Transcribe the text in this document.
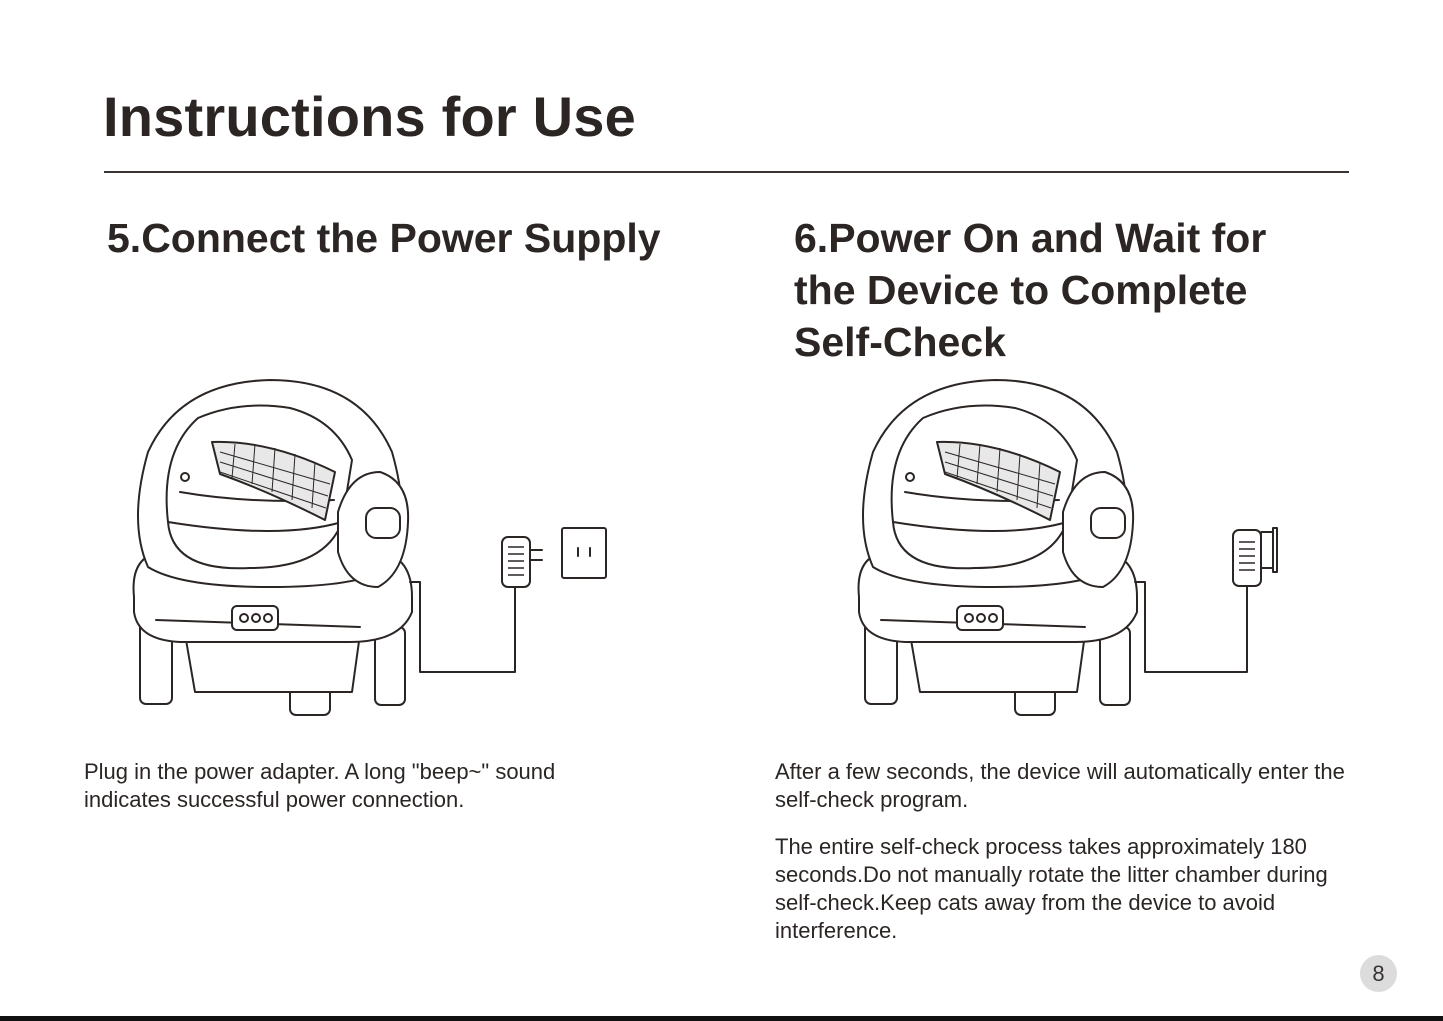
Instructions for Use
5.Connect the Power Supply

Plug in the power adapter. A long "beep~" sound indicates successful power connection.

6.Power On and Wait for
the Device to Complete
Self-Check

After a few seconds, the device will automatically enter the self-check program.

The entire self-check process takes approximately 180 seconds.Do not manually rotate the litter chamber during self-check.Keep cats away from the device to avoid interference.

8
